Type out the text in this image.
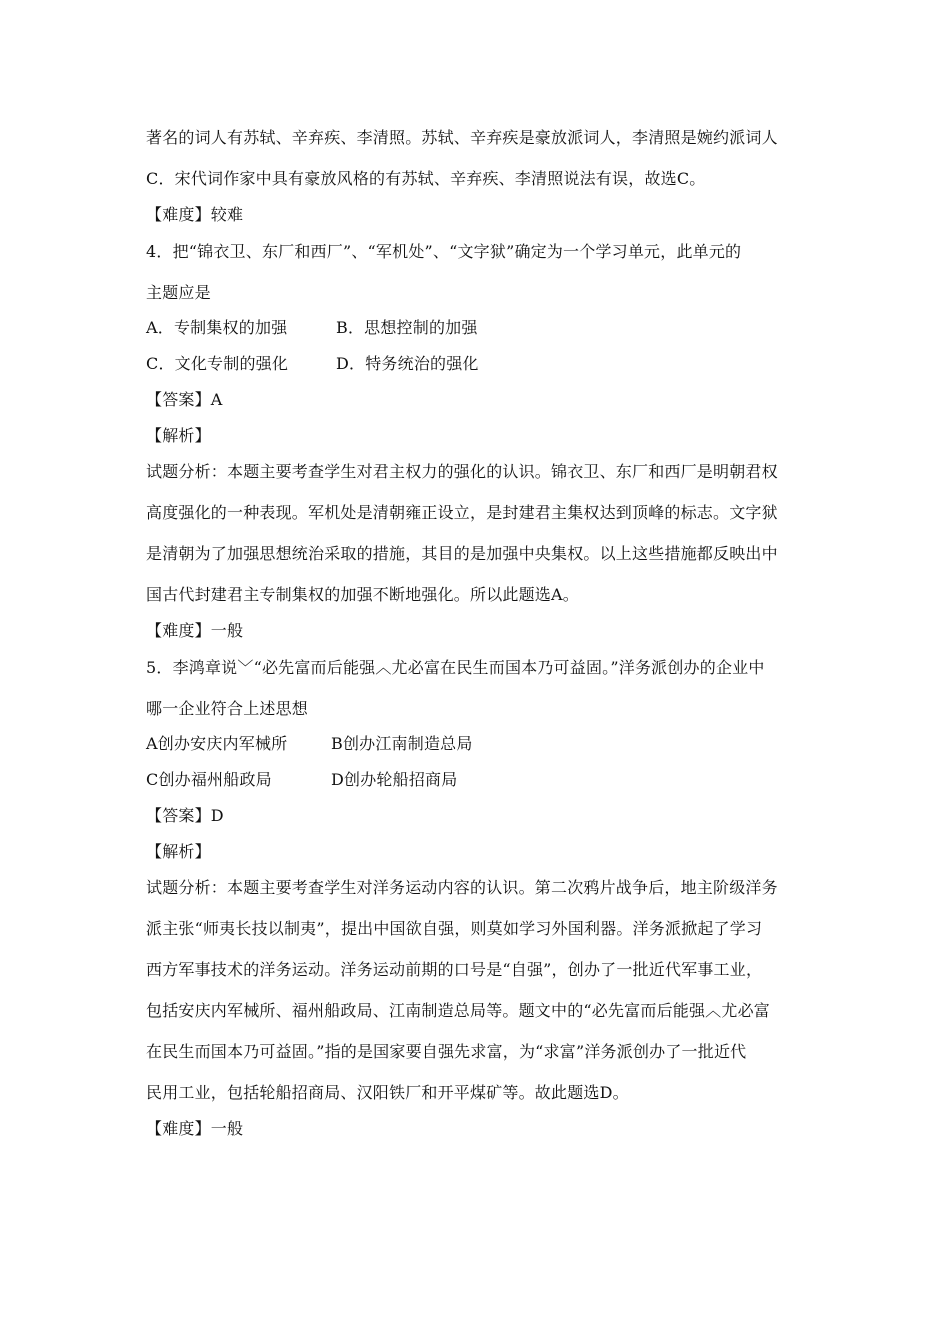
著名的词人有苏轼、辛弃疾、李清照。苏轼、辛弃疾是豪放派词人，李清照是婉约派词人
C．宋代词作家中具有豪放风格的有苏轼、辛弃疾、李清照说法有误，故选C。
【难度】较难
4．把“锦衣卫、东厂和西厂”、“军机处”、“文字狱”确定为一个学习单元，此单元的
主题应是
A．专制集权的加强	B．思想控制的加强
C．文化专制的强化	D．特务统治的强化
【答案】A
【解析】
试题分析：本题主要考查学生对君主权力的强化的认识。锦衣卫、东厂和西厂是明朝君权
高度强化的一种表现。军机处是清朝雍正设立，是封建君主集权达到顶峰的标志。文字狱
是清朝为了加强思想统治采取的措施，其目的是加强中央集权。以上这些措施都反映出中
国古代封建君主专制集权的加强不断地强化。所以此题选A。
【难度】一般
5．李鸿章说﹀“必先富而后能强︿尤必富在民生而国本乃可益固。”洋务派创办的企业中
哪一企业符合上述思想
A创办安庆内军械所	B创办江南制造总局
C创办福州船政局	D创办轮船招商局
【答案】D
【解析】
试题分析：本题主要考查学生对洋务运动内容的认识。第二次鸦片战争后，地主阶级洋务
派主张“师夷长技以制夷”，提出中国欲自强，则莫如学习外国利器。洋务派掀起了学习
西方军事技术的洋务运动。洋务运动前期的口号是“自强”，创办了一批近代军事工业，
包括安庆内军械所、福州船政局、江南制造总局等。题文中的“必先富而后能强︿尤必富
在民生而国本乃可益固。”指的是国家要自强先求富，为“求富”洋务派创办了一批近代
民用工业，包括轮船招商局、汉阳铁厂和开平煤矿等。故此题选D。
【难度】一般
